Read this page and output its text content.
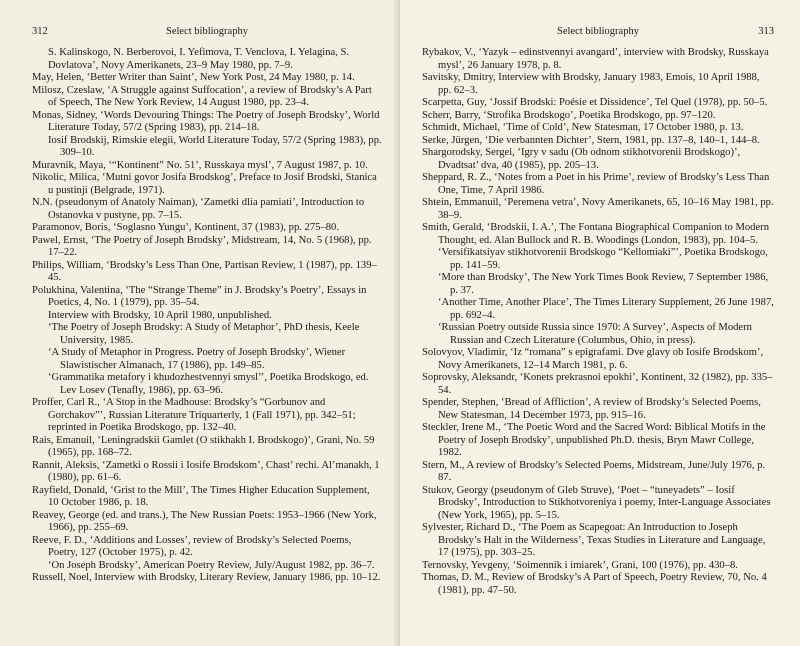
312	Select bibliography

S. Kalinskogo, N. Berberovoi, I. Yefimova, T. Venclova, I. Yelagina, S. Dovlatova’, Novy Amerikanets, 23–9 May 1980, pp. 7–9.

May, Helen, ‘Better Writer than Saint’, New York Post, 24 May 1980, p. 14.

Milosz, Czeslaw, ‘A Struggle against Suffocation’, a review of Brodsky’s A Part of Speech, The New York Review, 14 August 1980, pp. 23–4.

Monas, Sidney, ‘Words Devouring Things: The Poetry of Joseph Brodsky’, World Literature Today, 57/2 (Spring 1983), pp. 214–18.

Iosif Brodskij, Rimskie elegii, World Literature Today, 57/2 (Spring 1983), pp. 309–10.

Muravnik, Maya, ‘“Kontinent” No. 51’, Russkaya mysl’, 7 August 1987, p. 10.

Nikolic, Milica, ‘Mutni govor Josifa Brodskog’, Preface to Josif Brodski, Stanica u pustinji (Belgrade, 1971).

N.N. (pseudonym of Anatoly Naiman), ‘Zametki dlia pamiati’, Introduction to Ostanovka v pustyne, pp. 7–15.

Paramonov, Boris, ‘Soglasno Yungu’, Kontinent, 37 (1983), pp. 275–80.

Pawel, Ernst, ‘The Poetry of Joseph Brodsky’, Midstream, 14, No. 5 (1968), pp. 17–22.

Philips, William, ‘Brodsky’s Less Than One, Partisan Review, 1 (1987), pp. 139–45.

Polukhina, Valentina, ‘The “Strange Theme” in J. Brodsky’s Poetry’, Essays in Poetics, 4, No. 1 (1979), pp. 35–54.

Interview with Brodsky, 10 April 1980, unpublished.

‘The Poetry of Joseph Brodsky: A Study of Metaphor’, PhD thesis, Keele University, 1985.

‘A Study of Metaphor in Progress. Poetry of Joseph Brodsky’, Wiener Slawistischer Almanach, 17 (1986), pp. 149–85.

‘Grammatika metafory i khudozhestvennyi smysl’’, Poetika Brodskogo, ed. Lev Losev (Tenafly, 1986), pp. 63–96.

Proffer, Carl R., ‘A Stop in the Madhouse: Brodsky’s “Gorbunov and Gorchakov”’, Russian Literature Triquarterly, 1 (Fall 1971), pp. 342–51; reprinted in Poetika Brodskogo, pp. 132–40.

Rais, Emanuil, ‘Leningradskii Gamlet (O stikhakh I. Brodskogo)’, Grani, No. 59 (1965), pp. 168–72.

Rannit, Aleksis, ‘Zametki o Rossii i Iosife Brodskom’, Chast’ rechi. Al’manakh, 1 (1980), pp. 61–6.

Rayfield, Donald, ‘Grist to the Mill’, The Times Higher Education Supplement, 10 October 1986, p. 18.

Reavey, George (ed. and trans.), The New Russian Poets: 1953–1966 (New York, 1966), pp. 255–69.

Reeve, F. D., ‘Additions and Losses’, review of Brodsky’s Selected Poems, Poetry, 127 (October 1975), p. 42.

‘On Joseph Brodsky’, American Poetry Review, July/August 1982, pp. 36–7.

Russell, Noel, Interview with Brodsky, Literary Review, January 1986, pp. 10–12.

Select bibliography	313

Rybakov, V., ‘Yazyk – edinstvennyi avangard’, interview with Brodsky, Russkaya mysl’, 26 January 1978, p. 8.

Savitsky, Dmitry, Interview with Brodsky, January 1983, Emois, 10 April 1988, pp. 62–3.

Scarpetta, Guy, ‘Jossif Brodski: Poésie et Dissidence’, Tel Quel (1978), pp. 50–5.

Scherr, Barry, ‘Strofika Brodskogo’, Poetika Brodskogo, pp. 97–120.

Schmidt, Michael, ‘Time of Cold’, New Statesman, 17 October 1980, p. 13.

Serke, Jürgen, ‘Die verbannten Dichter’, Stern, 1981, pp. 137–8, 140–1, 144–8.

Shargorodsky, Sergei, ‘Igry v sadu (Ob odnom stikhotvorenii Brodskogo)’, Dvadtsat’ dva, 40 (1985), pp. 205–13.

Sheppard, R. Z., ‘Notes from a Poet in his Prime’, review of Brodsky’s Less Than One, Time, 7 April 1986.

Shtein, Emmanuil, ‘Peremena vetra’, Novy Amerikanets, 65, 10–16 May 1981, pp. 38–9.

Smith, Gerald, ‘Brodskii, I. A.’, The Fontana Biographical Companion to Modern Thought, ed. Alan Bullock and R. B. Woodings (London, 1983), pp. 104–5.

‘Versifikatsiyav stikhotvorenii Brodskogo “Kellomiaki”’, Poetika Brodskogo, pp. 141–59.

‘More than Brodsky’, The New York Times Book Review, 7 September 1986, p. 37.

‘Another Time, Another Place’, The Times Literary Supplement, 26 June 1987, pp. 692–4.

‘Russian Poetry outside Russia since 1970: A Survey’, Aspects of Modern Russian and Czech Literature (Columbus, Ohio, in press).

Solovyov, Vladimir, ‘Iz “romana” s epigrafami. Dve glavy ob Iosife Brodskom’, Novy Amerikanets, 12–14 March 1981, p. 6.

Soprovsky, Aleksandr, ‘Konets prekrasnoi epokhi’, Kontinent, 32 (1982), pp. 335–54.

Spender, Stephen, ‘Bread of Affliction’, A review of Brodsky’s Selected Poems, New Statesman, 14 December 1973, pp. 915–16.

Steckler, Irene M., ‘The Poetic Word and the Sacred Word: Biblical Motifs in the Poetry of Joseph Brodsky’, unpublished Ph.D. thesis, Bryn Mawr College, 1982.

Stern, M., A review of Brodsky’s Selected Poems, Midstream, June/July 1976, p. 87.

Stukov, Georgy (pseudonym of Gleb Struve), ‘Poet – “tuneyadets” – Iosif Brodsky’, Introduction to Stikhotvoreniya i poemy, Inter-Language Associates (New York, 1965), pp. 5–15.

Sylvester, Richard D., ‘The Poem as Scapegoat: An Introduction to Joseph Brodsky’s Halt in the Wilderness’, Texas Studies in Literature and Language, 17 (1975), pp. 303–25.

Ternovsky, Yevgeny, ‘Soimennik i imiarek’, Grani, 100 (1976), pp. 430–8.

Thomas, D. M., Review of Brodsky’s A Part of Speech, Poetry Review, 70, No. 4 (1981), pp. 47–50.
